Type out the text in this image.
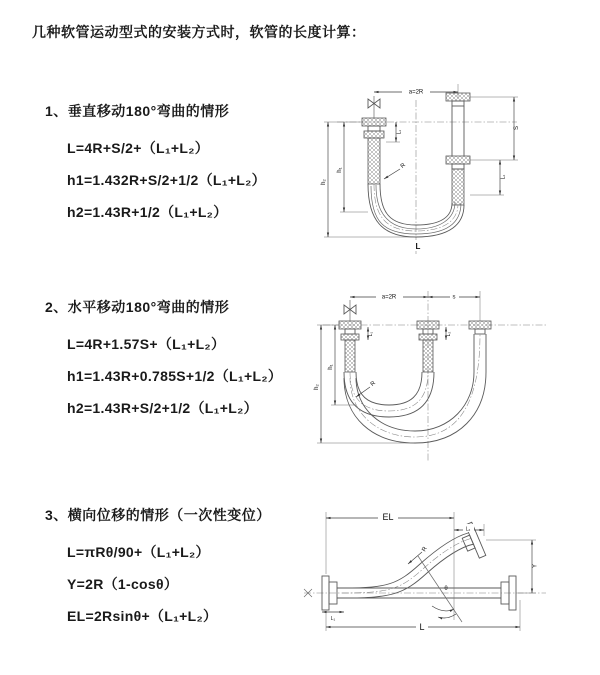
几种软管运动型式的安装方式时，软管的长度计算：
1、垂直移动180°弯曲的情形
L=4R+S/2+（L₁+L₂）
h1=1.432R+S/2+1/2（L₁+L₂）
h2=1.43R+1/2（L₁+L₂）
2、水平移动180°弯曲的情形
L=4R+1.57S+（L₁+L₂）
h1=1.43R+0.785S+1/2（L₁+L₂）
h2=1.43R+S/2+1/2（L₁+L₂）
3、横向位移的情形（一次性变位）
L=πRθ/90+（L₁+L₂）
Y=2R（1-cosθ）
EL=2Rsinθ+（L₁+L₂）
a=2R
L₁
h₁
h₂
S
L₂
R
L
a=2R	s
L₁	L₂
h₁
h₂	R
EL
L₂
Y
L
L₁
θ
R
